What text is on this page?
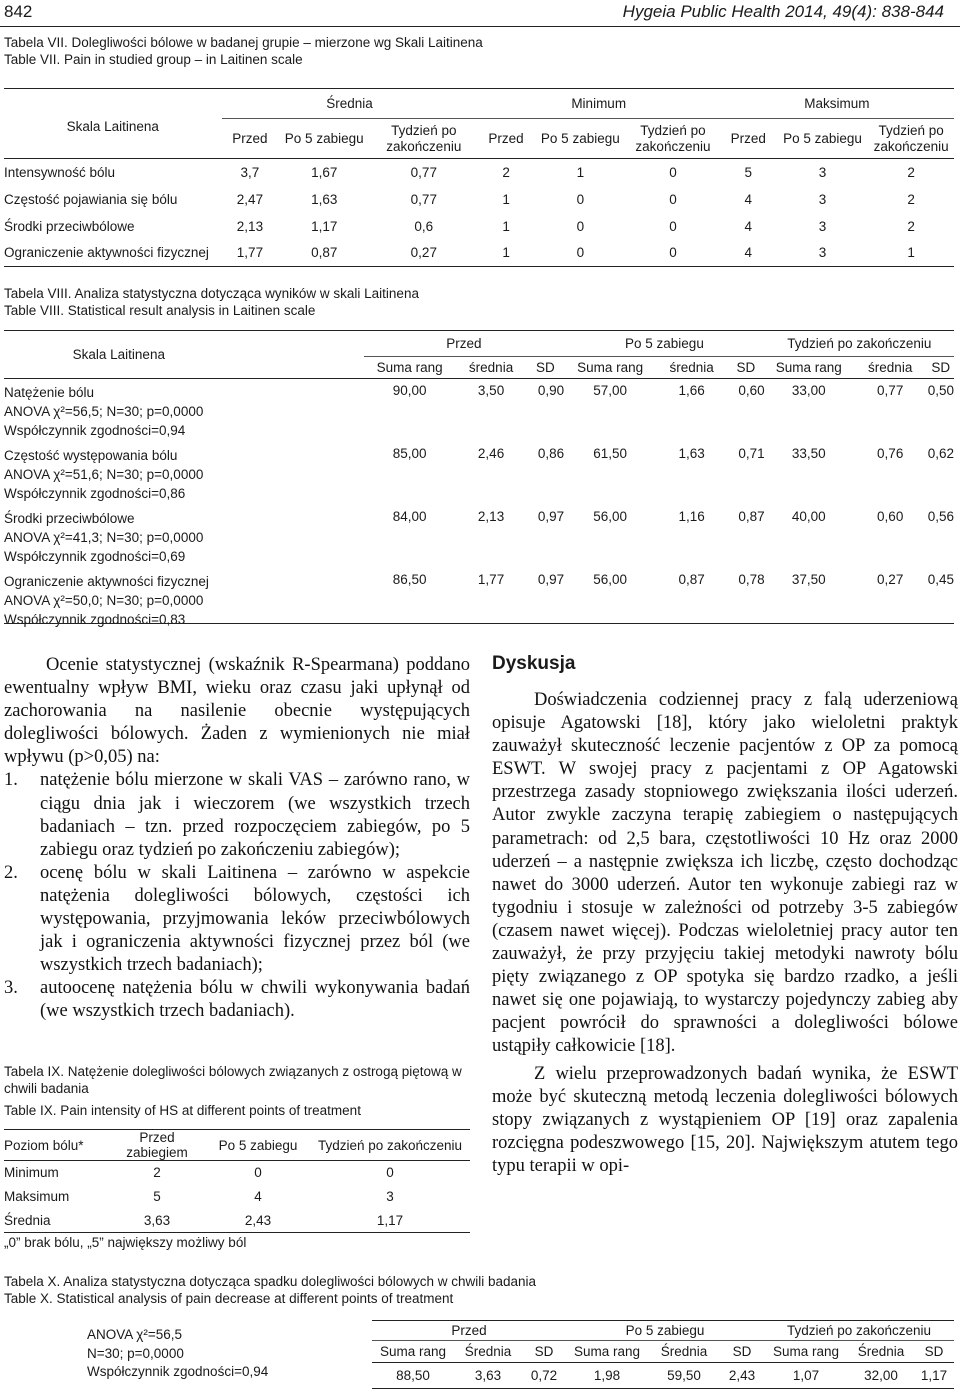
842	Hygeia Public Health 2014, 49(4): 838-844
Tabela VII. Dolegliwości bólowe w badanej grupie – mierzone wg Skali Laitinena
Table VII. Pain in studied group – in Laitinen scale
Skala Laitinena	Średnia			Minimum			Maksimum		
	Przed	Po 5 zabiegu	Tydzień po zakończeniu	Przed	Po 5 zabiegu	Tydzień po zakończeniu	Przed	Po 5 zabiegu	Tydzień po zakończeniu
Intensywność bólu	3,7	1,67	0,77	2	1	0	5	3	2
Częstość pojawiania się bólu	2,47	1,63	0,77	1	0	0	4	3	2
Środki przeciwbólowe	2,13	1,17	0,6	1	0	0	4	3	2
Ograniczenie aktywności fizycznej	1,77	0,87	0,27	1	0	0	4	3	1
Tabela VIII. Analiza statystyczna dotycząca wyników w skali Laitinena
Table VIII. Statistical result analysis in Laitinen scale
Skala Laitinena	Przed			Po 5 zabiegu			Tydzień po zakończeniu		
	Suma rang	średnia	SD	Suma rang	średnia	SD	Suma rang	średnia	SD

Natężenie bólu
ANOVA χ²=56,5; N=30; p=0,0000
Współczynnik zgodności=0,94	90,00	3,50	0,90	57,00	1,66	0,60	33,00	0,77	0,50

Częstość występowania bólu
ANOVA χ²=51,6; N=30; p=0,0000
Współczynnik zgodności=0,86	85,00	2,46	0,86	61,50	1,63	0,71	33,50	0,76	0,62

Środki przeciwbólowe
ANOVA χ²=41,3; N=30; p=0,0000
Współczynnik zgodności=0,69	84,00	2,13	0,97	56,00	1,16	0,87	40,00	0,60	0,56

Ograniczenie aktywności fizycznej
ANOVA χ²=50,0; N=30; p=0,0000
Współczynnik zgodności=0,83	86,50	1,77	0,97	56,00	0,87	0,78	37,50	0,27	0,45

Ocenie statystycznej (wskaźnik R-Spearmana) poddano ewentualny wpływ BMI, wieku oraz czasu jaki upłynął od zachorowania na nasilenie obecnie występujących dolegliwości bólowych. Żaden z wymienionych nie miał wpływu (p>0,05) na:

1. natężenie bólu mierzone w skali VAS – zarówno rano, w ciągu dnia jak i wieczorem (we wszystkich trzech badaniach – tzn. przed rozpoczęciem zabiegów, po 5 zabiegu oraz tydzień po zakończeniu zabiegów);
2. ocenę bólu w skali Laitinena – zarówno w aspekcie natężenia dolegliwości bólowych, częstości ich występowania, przyjmowania leków przeciwbólowych jak i ograniczenia aktywności fizycznej przez ból (we wszystkich trzech badaniach);
3. autoocenę natężenia bólu w chwili wykonywania badań (we wszystkich trzech badaniach).
Tabela IX. Natężenie dolegliwości bólowych związanych z ostrogą piętową w chwili badania
Table IX. Pain intensity of HS at different points of treatment
Poziom bólu*	Przed zabiegiem	Po 5 zabiegu	Tydzień po zakończeniu
Minimum	2	0	0
Maksimum	5	4	3
Średnia	3,63	2,43	1,17
„0” brak bólu, „5” największy możliwy ból
Dyskusja

Doświadczenia codziennej pracy z falą uderzeniową opisuje Agatowski [18], który jako wieloletni praktyk zauważył skuteczność leczenie pacjentów z OP za pomocą ESWT. W swojej pracy z pacjentami z OP Agatowski przestrzega zasady stopniowego zwiększania ilości uderzeń. Autor zwykle zaczyna terapię zabiegiem o następujących parametrach: od 2,5 bara, częstotliwości 10 Hz oraz 2000 uderzeń – a następnie zwiększa ich liczbę, często dochodząc nawet do 3000 uderzeń. Autor ten wykonuje zabiegi raz w tygodniu i stosuje w zależności od potrzeby 3-5 zabiegów (czasem nawet więcej). Podczas wieloletniej pracy autor ten zauważył, że przy przyjęciu takiej metodyki nawroty bólu pięty związanego z OP spotyka się bardzo rzadko, a jeśli nawet się one pojawiają, to wystarczy pojedynczy zabieg aby pacjent powrócił do sprawności a dolegliwości bólowe ustąpiły całkowicie [18].

Z wielu przeprowadzonych badań wynika, że ESWT może być skuteczną metodą leczenia dolegliwości bólowych stopy związanych z wystąpieniem OP [19] oraz zapalenia rozcięgna podeszwowego [15, 20]. Największym atutem tego typu terapii w opi-

Tabela X. Analiza statystyczna dotycząca spadku dolegliwości bólowych w chwili badania
Table X. Statistical analysis of pain decrease at different points of treatment
ANOVA χ²=56,5
N=30; p=0,0000
Współczynnik zgodności=0,94
Przed			Po 5 zabiegu			Tydzień po zakończeniu		
Suma rang	Średnia	SD	Suma rang	Średnia	SD	Suma rang	Średnia	SD
88,50	3,63	0,72	1,98	59,50	2,43	1,07	32,00	1,17
